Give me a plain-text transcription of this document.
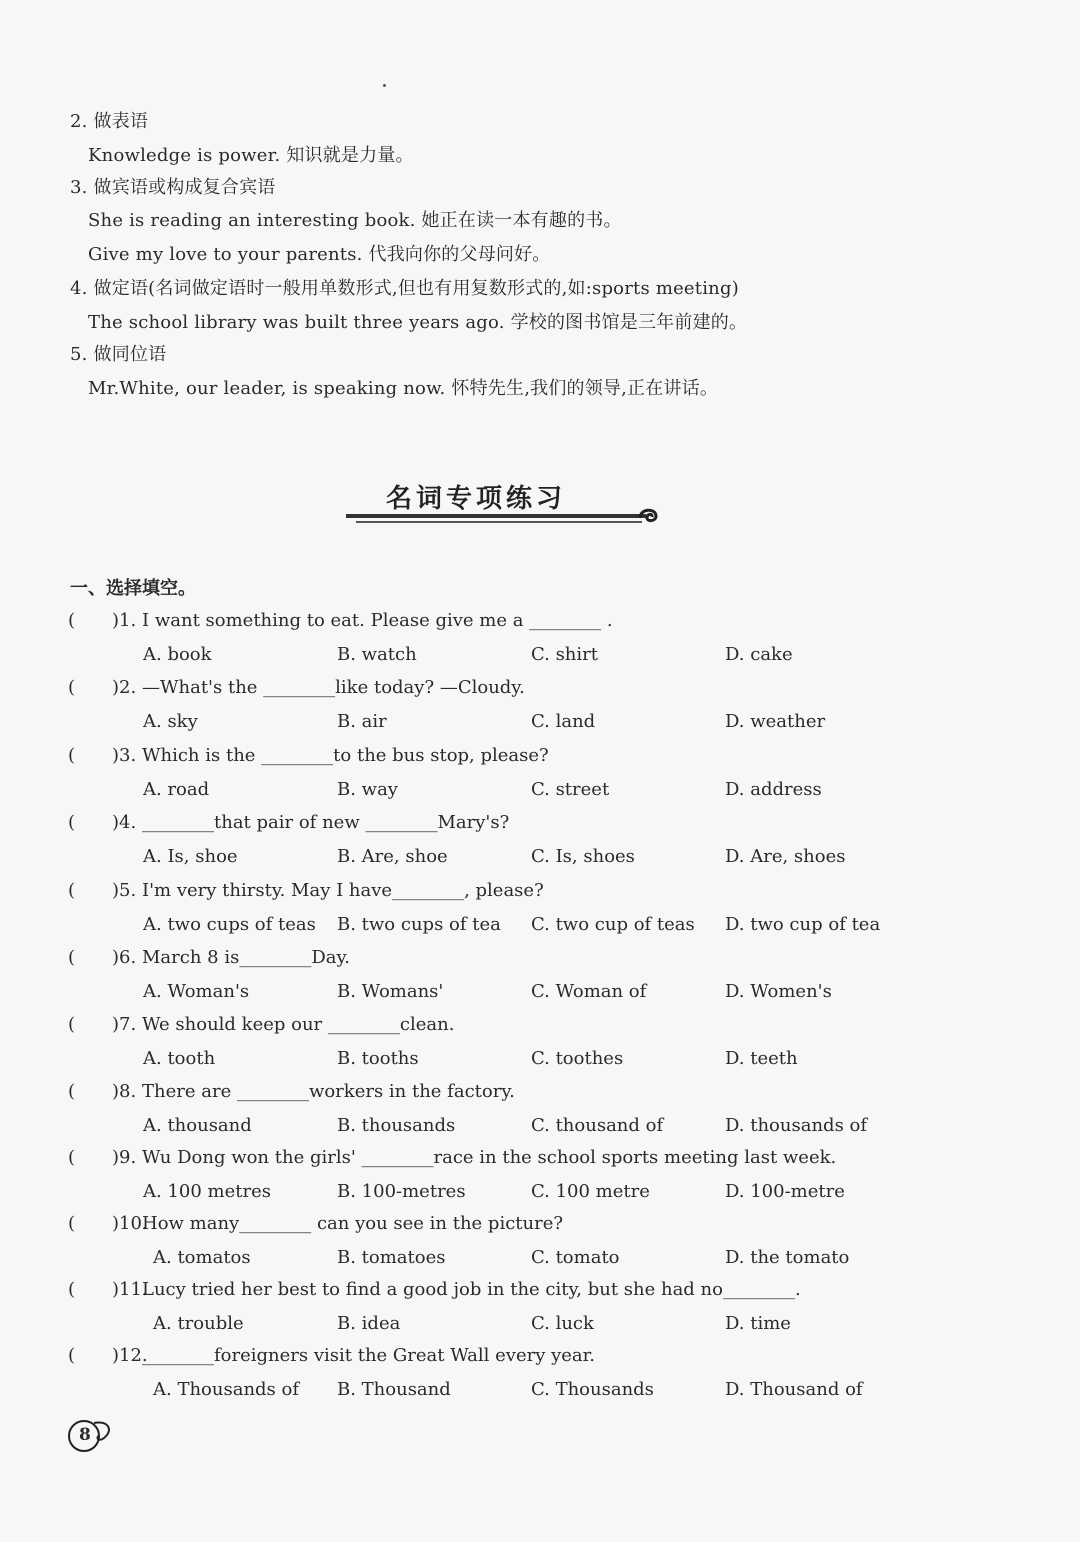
2. 做表语
Knowledge is power. 知识就是力量。
3. 做宾语或构成复合宾语
She is reading an interesting book. 她正在读一本有趣的书。
Give my love to your parents. 代我向你的父母问好。
4. 做定语(名词做定语时一般用单数形式,但也有用复数形式的,如:sports meeting)
The school library was built three years ago. 学校的图书馆是三年前建的。
5. 做同位语
Mr.White, our leader, is speaking now. 怀特先生,我们的领导,正在讲话。
名词专项练习
一、选择填空。
( )1. I want something to eat. Please give me a ________ .
A. book	B. watch	C. shirt	D. cake
( )2. —What's the ________like today? —Cloudy.
A. sky	B. air	C. land	D. weather
( )3. Which is the ________to the bus stop, please?
A. road	B. way	C. street	D. address
( )4. ________that pair of new ________Mary's?
A. Is, shoe	B. Are, shoe	C. Is, shoes	D. Are, shoes
( )5. I'm very thirsty. May I have________, please?
A. two cups of teas B. two cups of tea C. two cup of teas D. two cup of tea
( )6. March 8 is________Day.
A. Woman's	B. Womans'	C. Woman of	D. Women's
( )7. We should keep our ________clean.
A. tooth	B. tooths	C. toothes	D. teeth
( )8. There are ________workers in the factory.
A. thousand	B. thousands	C. thousand of	D. thousands of
( )9. Wu Dong won the girls' ________race in the school sports meeting last week.
A. 100 metres	B. 100-metres	C. 100 metre	D. 100-metre
( )10.
How many________ can you see in the picture?
A. tomatos	B. tomatoes	C. tomato	D. the tomato
( )11.
Lucy tried her best to find a good job in the city, but she had no________.
A. trouble	B. idea	C. luck	D. time
( )12.
________foreigners visit the Great Wall every year.
A. Thousands of B. Thousand	C. Thousands	D. Thousand of
8
